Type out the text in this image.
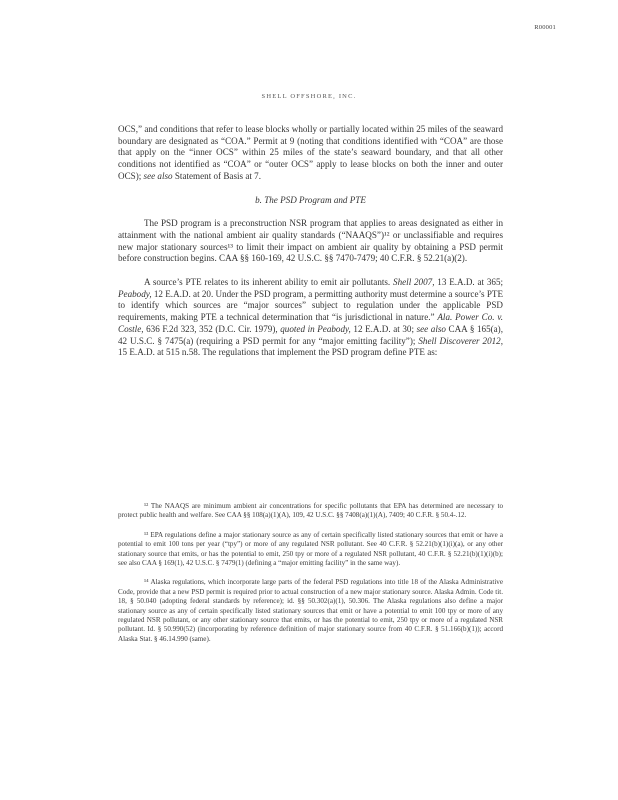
R00001
SHELL OFFSHORE, INC.

OCS,” and conditions that refer to lease blocks wholly or partially located within 25 miles of the seaward boundary are designated as “COA.” Permit at 9 (noting that conditions identified with “COA” are those that apply on the “inner OCS” within 25 miles of the state’s seaward boundary, and that all other conditions not identified as “COA” or “outer OCS” apply to lease blocks on both the inner and outer OCS); see also Statement of Basis at 7.

b. The PSD Program and PTE

The PSD program is a preconstruction NSR program that applies to areas designated as either in attainment with the national ambient air quality standards (“NAAQS”)¹² or unclassifiable and requires new major stationary sources¹³ to limit their impact on ambient air quality by obtaining a PSD permit before construction begins. CAA §§ 160-169, 42 U.S.C. §§ 7470-7479; 40 C.F.R. § 52.21(a)(2).

A source’s PTE relates to its inherent ability to emit air pollutants. Shell 2007, 13 E.A.D. at 365; Peabody, 12 E.A.D. at 20. Under the PSD program, a permitting authority must determine a source’s PTE to identify which sources are “major sources” subject to regulation under the applicable PSD requirements, making PTE a technical determination that “is jurisdictional in nature.” Ala. Power Co. v. Costle, 636 F.2d 323, 352 (D.C. Cir. 1979), quoted in Peabody, 12 E.A.D. at 30; see also CAA § 165(a), 42 U.S.C. § 7475(a) (requiring a PSD permit for any “major emitting facility”); Shell Discoverer 2012, 15 E.A.D. at 515 n.58. The regulations that implement the PSD program define PTE as:

¹² The NAAQS are minimum ambient air concentrations for specific pollutants that EPA has determined are necessary to protect public health and welfare. See CAA §§ 108(a)(1)(A), 109, 42 U.S.C. §§ 7408(a)(1)(A), 7409; 40 C.F.R. § 50.4-.12.

¹³ EPA regulations define a major stationary source as any of certain specifically listed stationary sources that emit or have a potential to emit 100 tons per year (“tpy”) or more of any regulated NSR pollutant. See 40 C.F.R. § 52.21(b)(1)(i)(a), or any other stationary source that emits, or has the potential to emit, 250 tpy or more of a regulated NSR pollutant, 40 C.F.R. § 52.21(b)(1)(i)(b); see also CAA § 169(1), 42 U.S.C. § 7479(1) (defining a “major emitting facility” in the same way).

¹⁴ Alaska regulations, which incorporate large parts of the federal PSD regulations into title 18 of the Alaska Administrative Code, provide that a new PSD permit is required prior to actual construction of a new major stationary source. Alaska Admin. Code tit. 18, § 50.040 (adopting federal standards by reference); id. §§ 50.302(a)(1), 50.306. The Alaska regulations also define a major stationary source as any of certain specifically listed stationary sources that emit or have a potential to emit 100 tpy or more of any regulated NSR pollutant, or any other stationary source that emits, or has the potential to emit, 250 tpy or more of a regulated NSR pollutant. Id. § 50.990(52) (incorporating by reference definition of major stationary source from 40 C.F.R. § 51.166(b)(1)); accord Alaska Stat. § 46.14.990 (same).
